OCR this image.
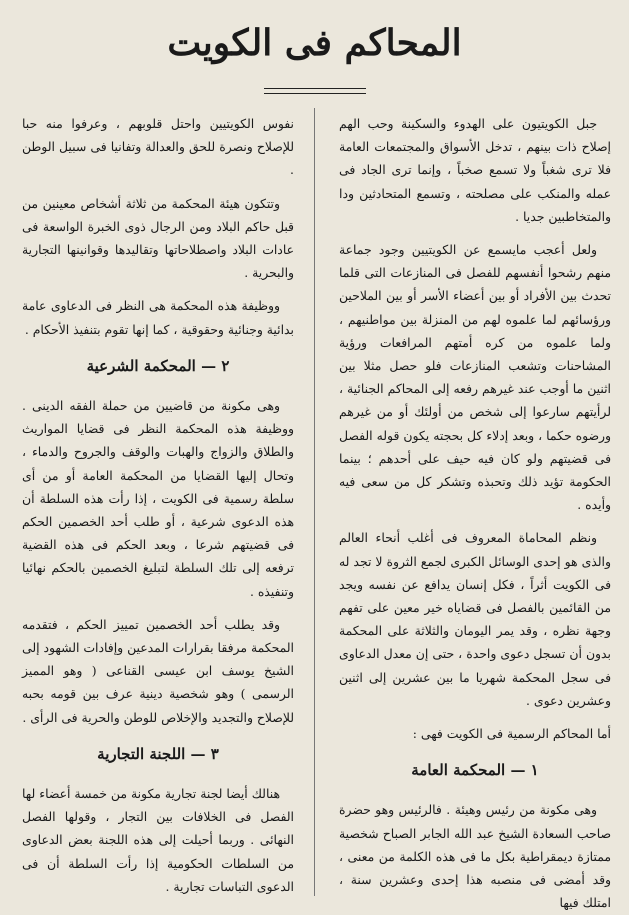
المحاكم فى الكويت

جبل الكويتيون على الهدوء والسكينة وحب الهم إصلاح ذات بينهم ، تدخل الأسواق والمجتمعات العامة فلا ترى شغباً ولا تسمع صخباً ، وإنما ترى الجاد فى عمله والمنكب على مصلحته ، وتسمع المتحادثين ودا والمتخاطبين جديا .

ولعل أعجب مايسمع عن الكويتيين وجود جماعة منهم رشحوا أنفسهم للفصل فى المنازعات التى قلما تحدث بين الأفراد أو بين أعضاء الأسر أو بين الملاحين ورؤسائهم لما علموه لهم من المنزلة بين مواطنيهم ، ولما علموه من كره أمتهم المرافعات ورؤية المشاحنات وتشعب المنازعات فلو حصل مثلا بين اثنين ما أوجب عند غيرهم رفعه إلى المحاكم الجنائية ، لرأيتهم سارعوا إلى شخص من أولئك أو من غيرهم ورضوه حكما ، وبعد إدلاء كل بحجته يكون قوله الفصل فى قضيتهم ولو كان فيه حيف على أحدهم ؛ بينما الحكومة تؤيد ذلك وتحبذه وتشكر كل من سعى فيه وأيده .

ونظم المحاماة المعروف فى أغلب أنحاء العالم والذى هو إحدى الوسائل الكبرى لجمع الثروة لا تجد له فى الكويت أثراً ، فكل إنسان يدافع عن نفسه ويجد من القائمين بالفصل فى قضاياه خير معين على تفهم وجهة نظره ، وقد يمر اليومان والثلاثة على المحكمة بدون أن تسجل دعوى واحدة ، حتى إن معدل الدعاوى فى سجل المحكمة شهريا ما بين عشرين إلى اثنين وعشرين دعوى .

أما المحاكم الرسمية فى الكويت فهى :

١ — المحكمة العامة

وهى مكونة من رئيس وهيئة . فالرئيس وهو حضرة صاحب السعادة الشيخ عبد الله الجابر الصباح شخصية ممتازة ديمقراطية بكل ما فى هذه الكلمة من معنى ، وقد أمضى فى منصبه هذا إحدى وعشرين سنة ، امتلك فيها

نفوس الكويتيين واحتل قلوبهم ، وعرفوا منه حبا للإصلاح ونصرة للحق والعدالة وتفانيا فى سبيل الوطن .

وتتكون هيئة المحكمة من ثلاثة أشخاص معينين من قبل حاكم البلاد ومن الرجال ذوى الخبرة الواسعة فى عادات البلاد واصطلاحاتها وتقاليدها وقوانينها التجارية والبحرية .

ووظيفة هذه المحكمة هى النظر فى الدعاوى عامة بدائية وجنائية وحقوقية ، كما إنها تقوم بتنفيذ الأحكام .

٢ — المحكمة الشرعية

وهى مكونة من قاضيين من حملة الفقه الدينى . ووظيفة هذه المحكمة النظر فى قضايا المواريث والطلاق والزواج والهبات والوقف والجروح والدماء ، وتحال إليها القضايا من المحكمة العامة أو من أى سلطة رسمية فى الكويت ، إذا رأت هذه السلطة أن هذه الدعوى شرعية ، أو طلب أحد الخصمين الحكم فى قضيتهم شرعا ، وبعد الحكم فى هذه القضية ترفعه إلى تلك السلطة لتبليغ الخصمين بالحكم نهائيا وتنفيذه .

وقد يطلب أحد الخصمين تمييز الحكم ، فتقدمه المحكمة مرفقا بقرارات المدعين وإفادات الشهود إلى الشيخ يوسف ابن عيسى القناعى ( وهو المميز الرسمى ) وهو شخصية دينية عرف بين قومه بحبه للإصلاح والتجديد والإخلاص للوطن والحرية فى الرأى .

٣ — اللجنة التجارية

هنالك أيضا لجنة تجارية مكونة من خمسة أعضاء لها الفصل فى الخلافات بين التجار ، وقولها الفصل النهائى . وربما أحيلت إلى هذه اللجنة بعض الدعاوى من السلطات الحكومية إذا رأت السلطة أن فى الدعوى التباسات تجارية .
